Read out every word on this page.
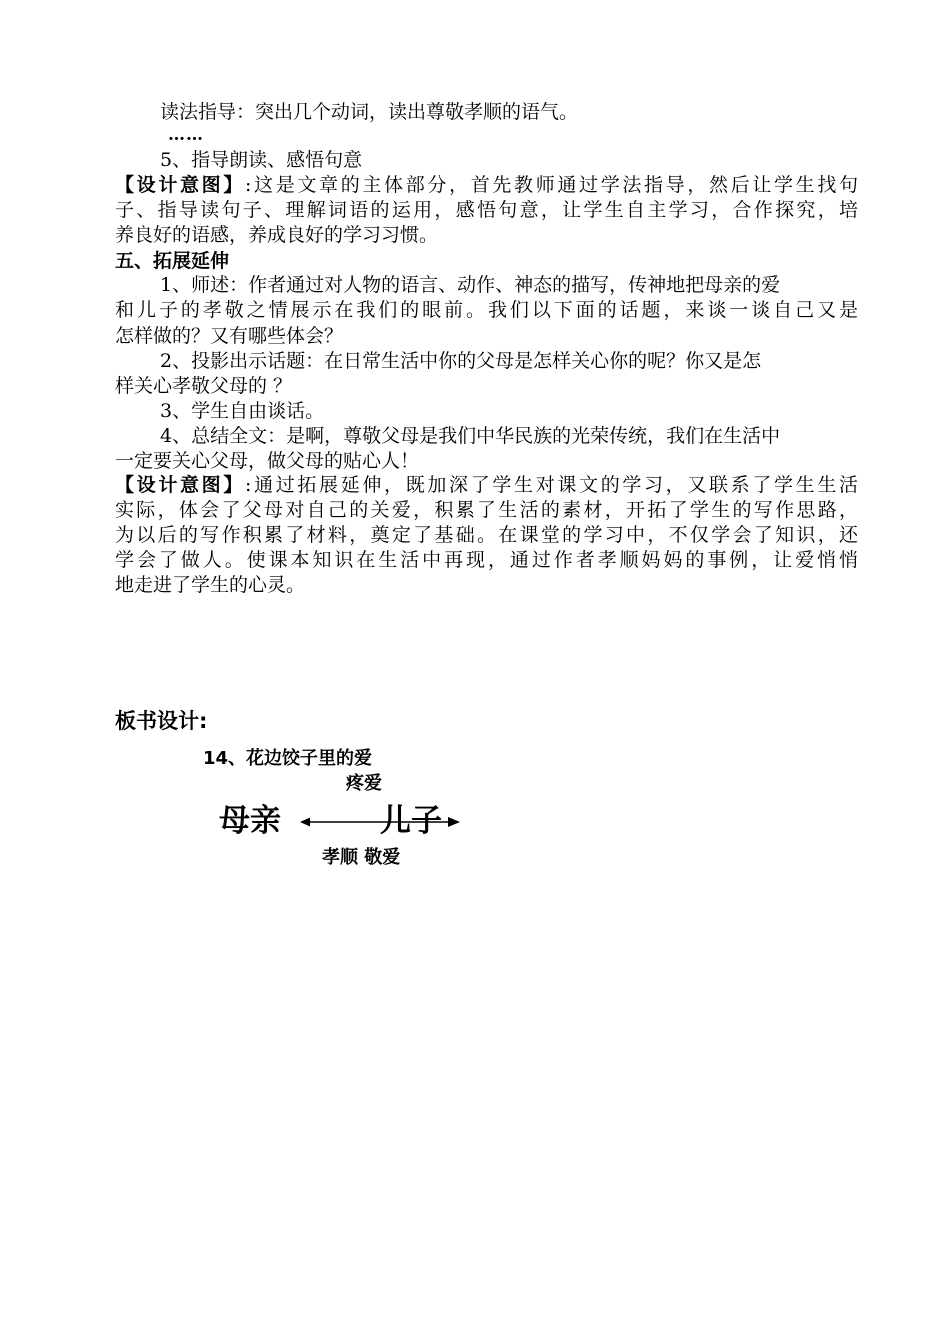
读法指导：突出几个动词，读出尊敬孝顺的语气。
……
5、指导朗读、感悟句意
【设计意图】:这是文章的主体部分，首先教师通过学法指导，然后让学生找句
子、指导读句子、理解词语的运用，感悟句意，让学生自主学习，合作探究，培
养良好的语感，养成良好的学习习惯。
五、拓展延伸
1、师述：作者通过对人物的语言、动作、神态的描写，传神地把母亲的爱
和儿子的孝敬之情展示在我们的眼前。我们以下面的话题，来谈一谈自己又是
怎样做的？又有哪些体会？
2、投影出示话题：在日常生活中你的父母是怎样关心你的呢？你又是怎
样关心孝敬父母的 ？
3、学生自由谈话。
4、总结全文：是啊，尊敬父母是我们中华民族的光荣传统，我们在生活中
一定要关心父母，做父母的贴心人！
【设计意图】:通过拓展延伸，既加深了学生对课文的学习，又联系了学生生活
实际，体会了父母对自己的关爱，积累了生活的素材，开拓了学生的写作思路，
为以后的写作积累了材料，奠定了基础。在课堂的学习中，不仅学会了知识，还
学会了做人。使课本知识在生活中再现，通过作者孝顺妈妈的事例，让爱悄悄
地走进了学生的心灵。
板书设计:
14、花边饺子里的爱
疼爱
母亲	儿子
孝顺 敬爱
